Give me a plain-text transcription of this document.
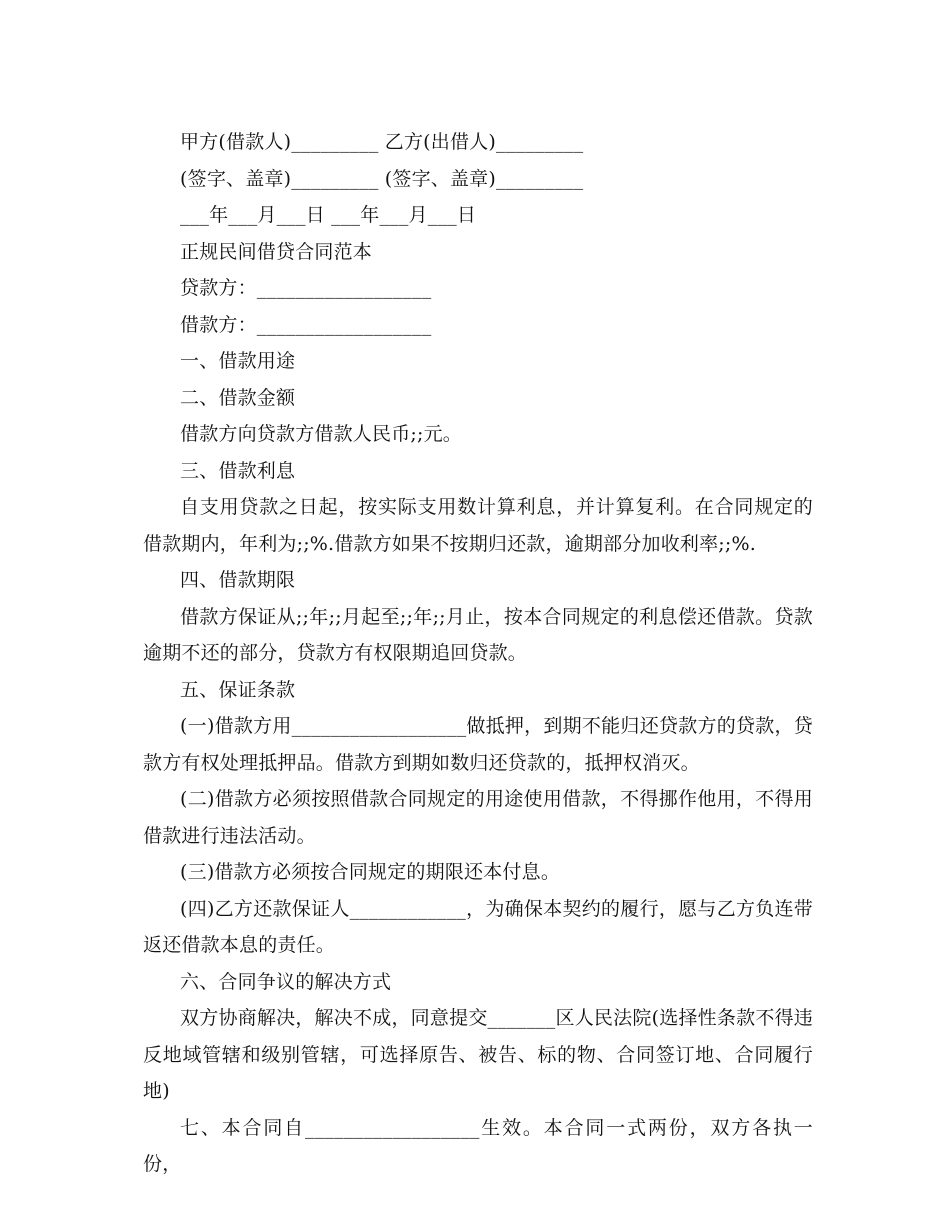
甲方(借款人)_________ 乙方(出借人)_________

(签字、盖章)_________ (签字、盖章)_________

___年___月___日 ___年___月___日

正规民间借贷合同范本

贷款方：__________________

借款方：__________________

一、借款用途

二、借款金额

借款方向贷款方借款人民币;;元。

三、借款利息

自支用贷款之日起，按实际支用数计算利息，并计算复利。在合同规定的借款期内，年利为;;%.借款方如果不按期归还款，逾期部分加收利率;;%.

四、借款期限

借款方保证从;;年;;月起至;;年;;月止，按本合同规定的利息偿还借款。贷款逾期不还的部分，贷款方有权限期追回贷款。

五、保证条款

(一)借款方用__________________做抵押，到期不能归还贷款方的贷款，贷款方有权处理抵押品。借款方到期如数归还贷款的，抵押权消灭。

(二)借款方必须按照借款合同规定的用途使用借款，不得挪作他用，不得用借款进行违法活动。

(三)借款方必须按合同规定的期限还本付息。

(四)乙方还款保证人____________，为确保本契约的履行，愿与乙方负连带返还借款本息的责任。

六、合同争议的解决方式

双方协商解决，解决不成，同意提交_______区人民法院(选择性条款不得违反地域管辖和级别管辖，可选择原告、被告、标的物、合同签订地、合同履行地)

七、本合同自__________________生效。本合同一式两份，双方各执一份，
